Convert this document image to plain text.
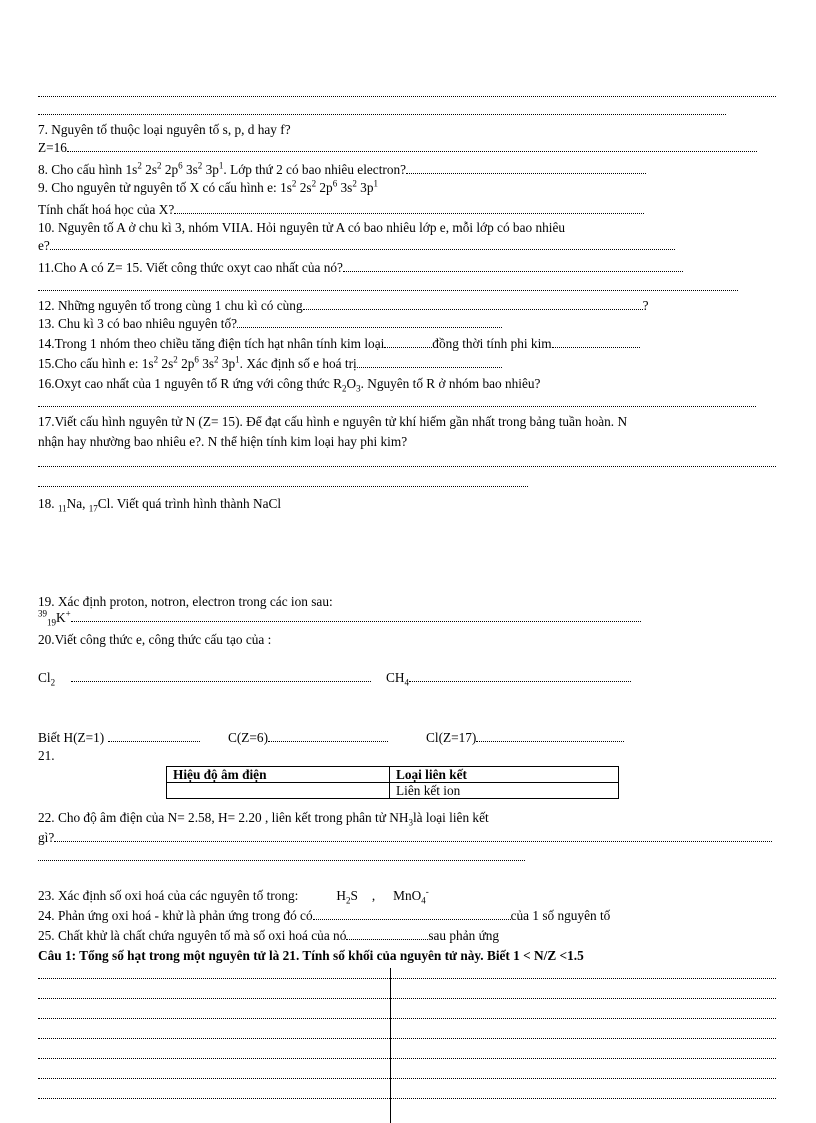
7. Nguyên tố thuộc loại nguyên tố s, p, d hay f?
Z=16
8. Cho cấu hình $1s^2$ $2s^2$ $2p^6$ $3s^2$ $3p^1$. Lớp thứ 2 có bao nhiêu electron?
9. Cho nguyên tử nguyên tố X có cấu hình e: $1s^2$ $2s^2$ $2p^6$ $3s^2$ $3p^1$
Tính chất hoá học của X?
10. Nguyên tố A ở chu kì 3, nhóm VIIA. Hỏi nguyên tử A có bao nhiêu lớp e, mỗi lớp có bao nhiêu
e?
11.Cho A có Z= 15. Viết công thức oxyt cao nhất của nó?
12. Những nguyên tố trong cùng 1 chu kì có cùng	?
13. Chu kì 3 có bao nhiêu nguyên tố?
14.Trong 1 nhóm theo chiều tăng điện tích hạt nhân tính kim loại	đồng thời tính phi kim
15.Cho cấu hình e: $1s^2$ $2s^2$ $2p^6$ $3s^2$ $3p^1$. Xác định số e hoá trị
16.Oxyt cao nhất của 1 nguyên tố R ứng với công thức $R_2O_3$. Nguyên tố R ở nhóm bao nhiêu?
17.Viết cấu hình nguyên tử N (Z= 15). Để đạt cấu hình e nguyên tử khí hiếm gần nhất trong bảng tuần hoàn. N
nhận hay nhường bao nhiêu e?. N thể hiện tính kim loại hay phi kim?
18. $_{11}$Na, $_{17}$Cl. Viết quá trình hình thành NaCl
19. Xác định proton, notron, electron trong các ion sau:
$^{39}_{19}$K+
20.Viết công thức e, công thức cấu tạo của :
$Cl_2$	$CH_4$
Biết H(Z=1)	C(Z=6)	Cl(Z=17)
21.
Hiệu độ âm điện	Loại liên kết
	Liên kết ion
22. Cho độ âm điện của N= 2.58, H= 2.20 , liên kết trong phân tử $NH_3là$ loại liên kết
gì?
23. Xác định số oxi hoá của các nguyên tố trong:	$H_2S$ , MnO$_4$-
24. Phản ứng oxi hoá - khử là phản ứng trong đó có	của 1 số nguyên tố
25. Chất khử là chất chứa nguyên tố mà số oxi hoá của nó	sau phản ứng
Câu 1: Tổng số hạt trong một nguyên tử là 21. Tính số khối của nguyên tử này. Biết 1 < N/Z <1.5
